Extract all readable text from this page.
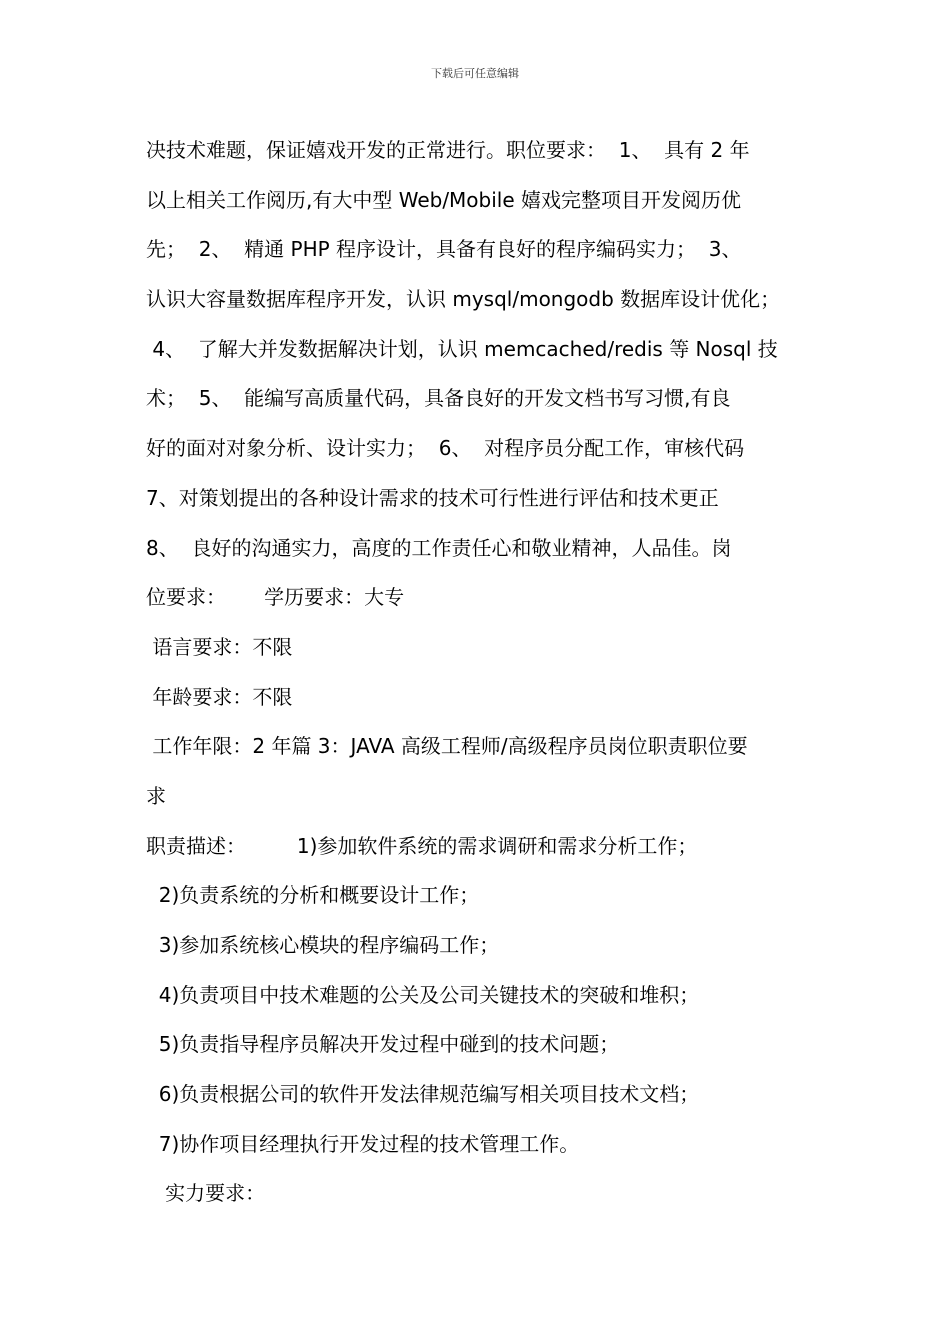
下载后可任意编辑
决技术难题，保证嬉戏开发的正常进行。职位要求：  1、  具有 2 年
以上相关工作阅历,有大中型 Web/Mobile 嬉戏完整项目开发阅历优
先；  2、  精通 PHP 程序设计，具备有良好的程序编码实力；  3、
认识大容量数据库程序开发，认识 mysql/mongodb 数据库设计优化；
4、  了解大并发数据解决计划，认识 memcached/redis 等 Nosql 技
术；  5、  能编写高质量代码，具备良好的开发文档书写习惯,有良
好的面对对象分析、设计实力；  6、  对程序员分配工作，审核代码
7、对策划提出的各种设计需求的技术可行性进行评估和技术更正
8、  良好的沟通实力，高度的工作责任心和敬业精神，人品佳。岗
位要求：      学历要求：大专
语言要求：不限
年龄要求：不限
工作年限：2 年篇 3：JAVA 高级工程师/高级程序员岗位职责职位要
求
职责描述：        1)参加软件系统的需求调研和需求分析工作；
2)负责系统的分析和概要设计工作；
3)参加系统核心模块的程序编码工作；
4)负责项目中技术难题的公关及公司关键技术的突破和堆积；
5)负责指导程序员解决开发过程中碰到的技术问题；
6)负责根据公司的软件开发法律规范编写相关项目技术文档；
7)协作项目经理执行开发过程的技术管理工作。
实力要求：
